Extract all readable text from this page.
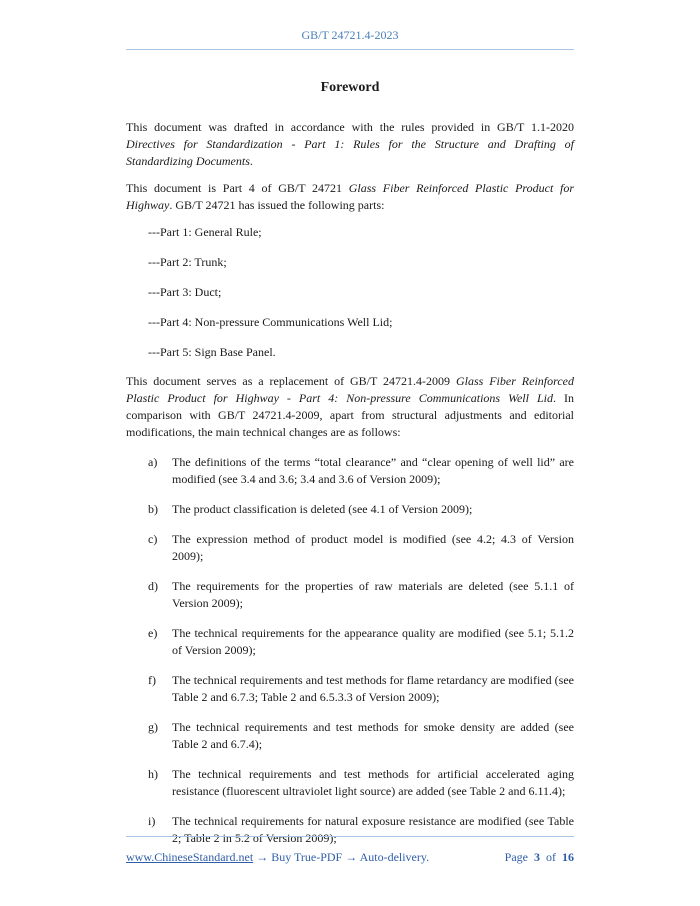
GB/T 24721.4-2023
Foreword

This document was drafted in accordance with the rules provided in GB/T 1.1-2020 Directives for Standardization - Part 1: Rules for the Structure and Drafting of Standardizing Documents.

This document is Part 4 of GB/T 24721 Glass Fiber Reinforced Plastic Product for Highway. GB/T 24721 has issued the following parts:

---Part 1: General Rule;

---Part 2: Trunk;

---Part 3: Duct;

---Part 4: Non-pressure Communications Well Lid;

---Part 5: Sign Base Panel.

This document serves as a replacement of GB/T 24721.4-2009 Glass Fiber Reinforced Plastic Product for Highway - Part 4: Non-pressure Communications Well Lid. In comparison with GB/T 24721.4-2009, apart from structural adjustments and editorial modifications, the main technical changes are as follows:

a) The definitions of the terms “total clearance” and “clear opening of well lid” are modified (see 3.4 and 3.6; 3.4 and 3.6 of Version 2009);
b) The product classification is deleted (see 4.1 of Version 2009);
c) The expression method of product model is modified (see 4.2; 4.3 of Version 2009);
d) The requirements for the properties of raw materials are deleted (see 5.1.1 of Version 2009);
e) The technical requirements for the appearance quality are modified (see 5.1; 5.1.2 of Version 2009);
f) The technical requirements and test methods for flame retardancy are modified (see Table 2 and 6.7.3; Table 2 and 6.5.3.3 of Version 2009);
g) The technical requirements and test methods for smoke density are added (see Table 2 and 6.7.4);
h) The technical requirements and test methods for artificial accelerated aging resistance (fluorescent ultraviolet light source) are added (see Table 2 and 6.11.4);
i) The technical requirements for natural exposure resistance are modified (see Table 2; Table 2 in 5.2 of Version 2009);
www.ChineseStandard.net → Buy True-PDF → Auto-delivery.	Page 3 of 16
